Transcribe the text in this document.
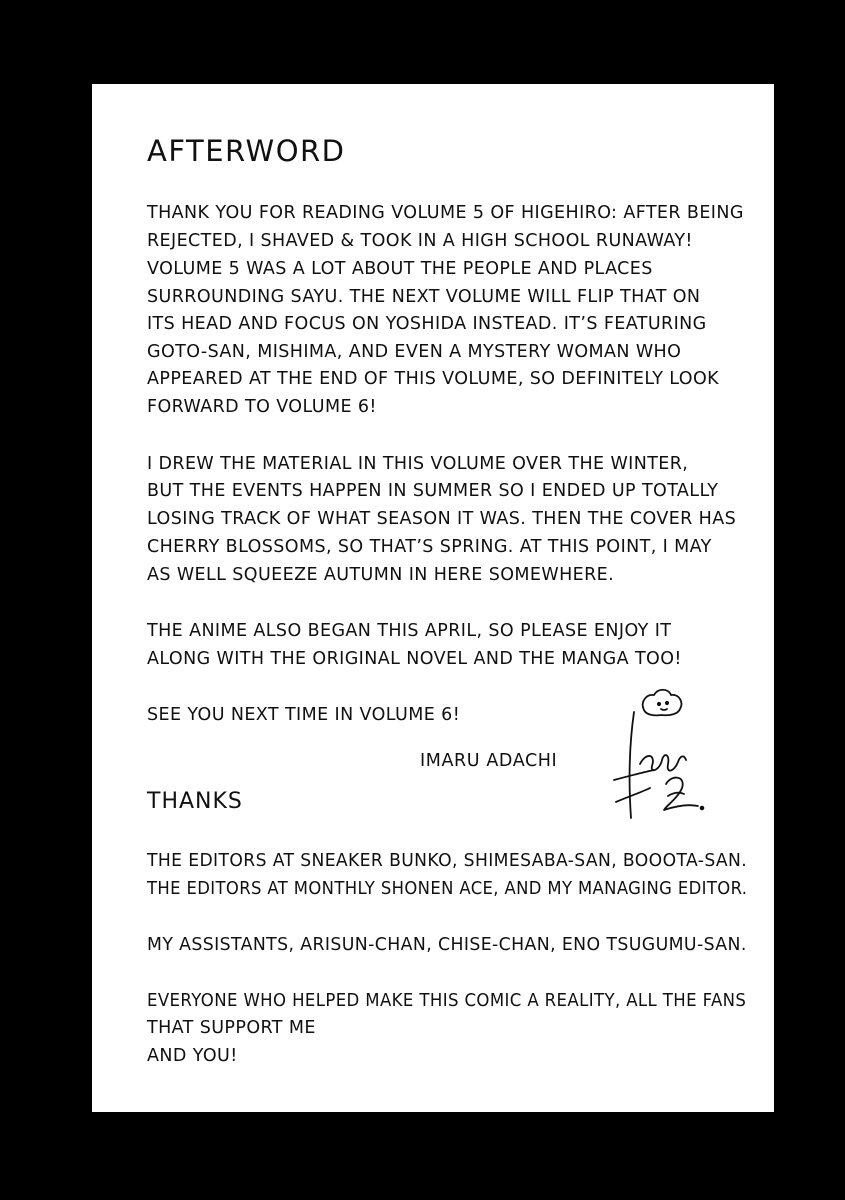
AFTERWORD

THANK YOU FOR READING VOLUME 5 OF HIGEHIRO: AFTER BEING

REJECTED, I SHAVED & TOOK IN A HIGH SCHOOL RUNAWAY!

VOLUME 5 WAS A LOT ABOUT THE PEOPLE AND PLACES

SURROUNDING SAYU. THE NEXT VOLUME WILL FLIP THAT ON

ITS HEAD AND FOCUS ON YOSHIDA INSTEAD. IT’S FEATURING

GOTO-SAN, MISHIMA, AND EVEN A MYSTERY WOMAN WHO

APPEARED AT THE END OF THIS VOLUME, SO DEFINITELY LOOK

FORWARD TO VOLUME 6!

I DREW THE MATERIAL IN THIS VOLUME OVER THE WINTER,

BUT THE EVENTS HAPPEN IN SUMMER SO I ENDED UP TOTALLY

LOSING TRACK OF WHAT SEASON IT WAS. THEN THE COVER HAS

CHERRY BLOSSOMS, SO THAT’S SPRING. AT THIS POINT, I MAY

AS WELL SQUEEZE AUTUMN IN HERE SOMEWHERE.

THE ANIME ALSO BEGAN THIS APRIL, SO PLEASE ENJOY IT

ALONG WITH THE ORIGINAL NOVEL AND THE MANGA TOO!

SEE YOU NEXT TIME IN VOLUME 6!

IMARU ADACHI

THANKS

THE EDITORS AT SNEAKER BUNKO, SHIMESABA-SAN, BOOOTA-SAN.

THE EDITORS AT MONTHLY SHONEN ACE, AND MY MANAGING EDITOR.

MY ASSISTANTS, ARISUN-CHAN, CHISE-CHAN, ENO TSUGUMU-SAN.

EVERYONE WHO HELPED MAKE THIS COMIC A REALITY, ALL THE FANS

THAT SUPPORT ME

AND YOU!
